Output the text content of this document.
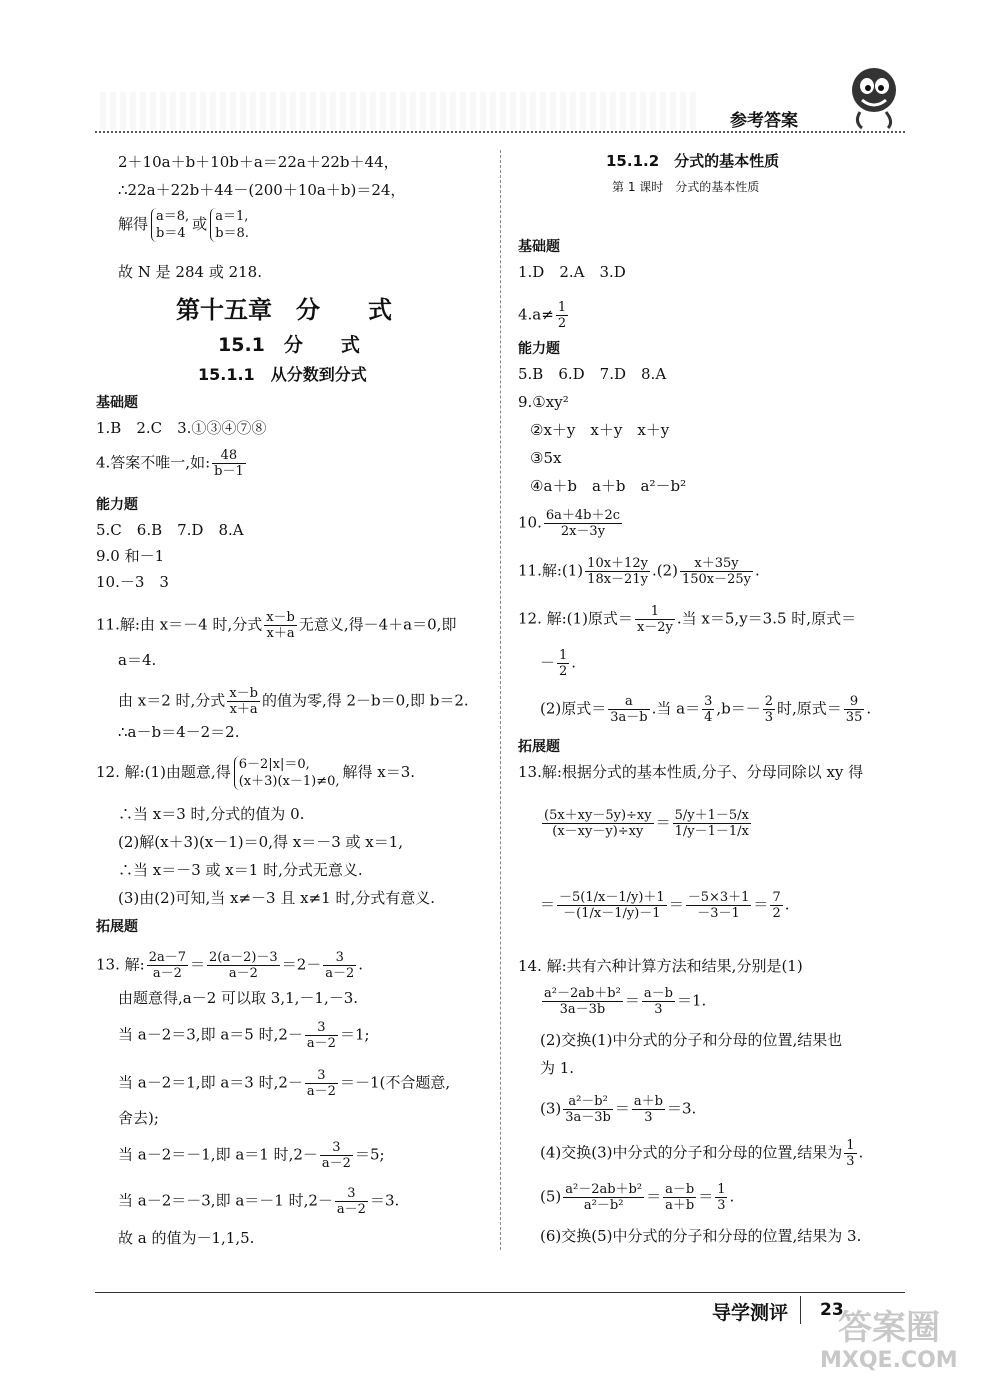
参考答案
2＋10a＋b＋10b＋a＝22a＋22b＋44，
∴22a＋22b＋44－(200＋10a＋b)＝24，
解得 a＝8,
b＝4
或 a＝1,
b＝8.
故 N 是 284 或 218.
第十五章　分　　式
15.1　分　　式
15.1.1　从分数到分式
基础题
1.B　2.C　3.①③④⑦⑧
4.答案不唯一,如: $\frac{48}{b-1}$
能力题
5.C　6.B　7.D　8.A
9.0 和－1
10.－3　3
11.解:由 x＝－4 时,分式 $\frac{x-b}{x+a}$ 无意义,得－4＋a＝0,即
a＝4.
由 x＝2 时,分式 $\frac{x-b}{x+a}$ 的值为零,得 2－b＝0,即 b＝2.
∴a－b＝4－2＝2.
12. 解:(1)由题意,得 6－2|x|＝0,
(x＋3)(x－1)≠0,
解得 x＝3.
∴当 x＝3 时,分式的值为 0.
(2)解(x＋3)(x－1)＝0,得 x＝－3 或 x＝1,
∴当 x＝－3 或 x＝1 时,分式无意义.
(3)由(2)可知,当 x≠－3 且 x≠1 时,分式有意义.
拓展题
13. 解: $\frac{2a-7}{a-2} = \frac{2(a-2)-3}{a-2} =2- \frac{3}{a-2}$ .
由题意得,a－2 可以取 3,1,－1,－3.
当 a－2＝3,即 a＝5 时$,2- \frac{3}{a-2} =1$;
当 a－2＝1,即 a＝3 时$,2- \frac{3}{a-2} =-1$(不合题意,
舍去);
当 a－2＝－1,即 a＝1 时$,2- \frac{3}{a-2} =5$;
当 a－2＝－3,即 a＝－1 时$,2- \frac{3}{a-2} =3$.
故 a 的值为－1,1,5.
15.1.2　分式的基本性质
第 1 课时　分式的基本性质
基础题
1.D　2.A　3.D
$4.a\ne \frac{1}{2}$
能力题
5.B　6.D　7.D　8.A
9.①xy²
②x＋y　x＋y　x＋y
③5x
④a＋b　a＋b　a²－b²
10. $\frac{6a+4b+2c}{2x-3y}$
11.解:(1) $\frac{10x+12y}{18x-21y} .(2) \frac{x+35y}{150x-25y}$ .
12. 解:(1)原式＝ $\frac{1}{x-2y}$ .当 x＝5,y＝3.5 时,原式＝
－ $\frac{1}{2}$ .
(2)原式＝ $\frac{a}{3a-b}$ .当 $a= \frac{3}{4} ,b=- \frac{2}{3}$ 时,原式＝ $\frac{9}{35}$ .
拓展题
13.解:根据分式的基本性质,分子、分母同除以 xy 得
$\frac{(5x+xy-5y)\div xy}{(x-xy-y)\div xy} = \frac{5/y+1-5/x}{1/y-1-1/x}$
＝ $\frac{-5(1/x-1/y)+1}{-(1/x-1/y)-1} = \frac{-5\times 3+1}{-3-1} = \frac{7}{2}$ .
14. 解:共有六种计算方法和结果,分别是(1)
$\frac{\text{a²－2ab＋b²}}{3a-3b} = \frac{a-b}{3} =1$.
(2)交换(1)中分式的分子和分母的位置,结果也
为 1.
$(3) \frac{\text{a²－b²}}{3a-3b} = \frac{a+b}{3} =3$.
(4)交换(3)中分式的分子和分母的位置,结果为 $\frac{1}{3}$ .
$(5) \frac{\text{a²－2ab＋b²}}{\text{a²－b²}} = \frac{a-b}{a+b} = \frac{1}{3}$ .
(6)交换(5)中分式的分子和分母的位置,结果为 3.
导学测评 23
答案圈
MXQE.COM
